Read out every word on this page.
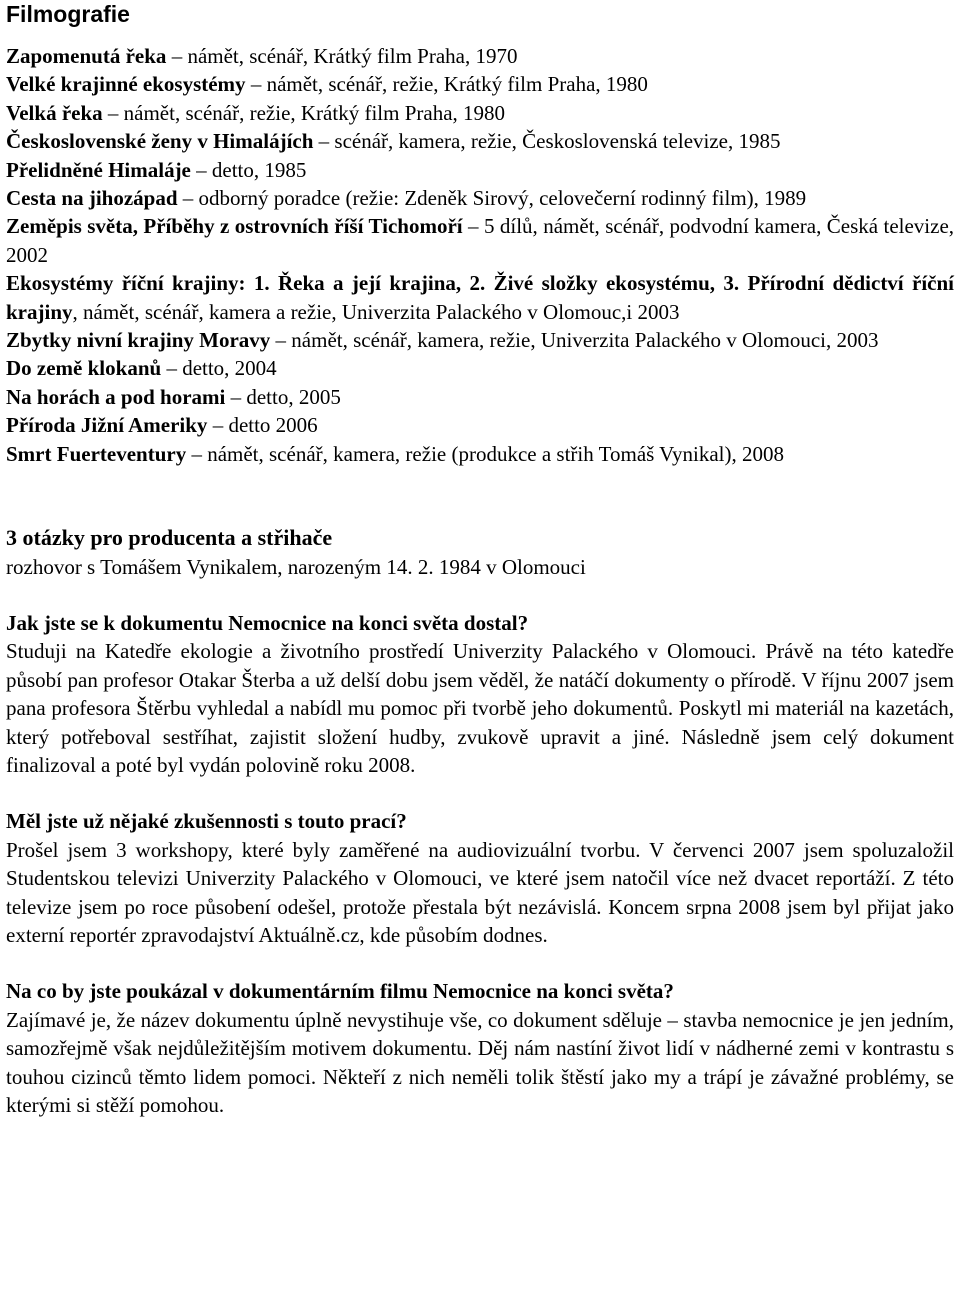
Filmografie

Zapomenutá řeka – námět, scénář, Krátký film Praha, 1970

Velké krajinné ekosystémy – námět, scénář, režie, Krátký film Praha, 1980

Velká řeka – námět, scénář, režie, Krátký film Praha, 1980

Československé ženy v Himalájích – scénář, kamera, režie, Československá televize, 1985

Přelidněné Himaláje – detto, 1985

Cesta na jihozápad – odborný poradce (režie: Zdeněk Sirový, celovečerní rodinný film), 1989

Zeměpis světa, Příběhy z ostrovních říší Tichomoří – 5 dílů, námět, scénář, podvodní kamera, Česká televize, 2002

Ekosystémy říční krajiny: 1. Řeka a její krajina, 2. Živé složky ekosystému, 3. Přírodní dědictví říční krajiny, námět, scénář, kamera a režie, Univerzita Palackého v Olomouc,i 2003

Zbytky nivní krajiny Moravy – námět, scénář, kamera, režie, Univerzita Palackého v Olomouci, 2003

Do země klokanů – detto, 2004

Na horách a pod horami – detto, 2005

Příroda Jižní Ameriky – detto 2006

Smrt Fuerteventury – námět, scénář, kamera, režie (produkce a střih Tomáš Vynikal), 2008

3 otázky pro producenta a střihače

rozhovor s Tomášem Vynikalem, narozeným 14. 2. 1984 v Olomouci

Jak jste se k dokumentu Nemocnice na konci světa dostal?

Studuji na Katedře ekologie a životního prostředí Univerzity Palackého v Olomouci. Právě na této katedře působí pan profesor Otakar Šterba a už delší dobu jsem věděl, že natáčí dokumenty o přírodě. V říjnu 2007 jsem pana profesora Štěrbu vyhledal a nabídl mu pomoc při tvorbě jeho dokumentů. Poskytl mi materiál na kazetách, který potřeboval sestříhat, zajistit složení hudby, zvukově upravit a jiné. Následně jsem celý dokument finalizoval a poté byl vydán polovině roku 2008.

Měl jste už nějaké zkušennosti s touto prací?

Prošel jsem 3 workshopy, které byly zaměřené na audiovizuální tvorbu. V červenci 2007 jsem spoluzaložil Studentskou televizi Univerzity Palackého v Olomouci, ve které jsem natočil více než dvacet reportáží. Z této televize jsem po roce působení odešel, protože přestala být nezávislá. Koncem srpna 2008 jsem byl přijat jako externí reportér zpravodajství Aktuálně.cz, kde působím dodnes.

Na co by jste poukázal v dokumentárním filmu Nemocnice na konci světa?

Zajímavé je, že název dokumentu úplně nevystihuje vše, co dokument sděluje – stavba nemocnice je jen jedním, samozřejmě však nejdůležitějším motivem dokumentu. Děj nám nastíní život lidí v nádherné zemi v kontrastu s touhou cizinců těmto lidem pomoci. Někteří z nich neměli tolik štěstí jako my a trápí je závažné problémy, se kterými si stěží pomohou.
